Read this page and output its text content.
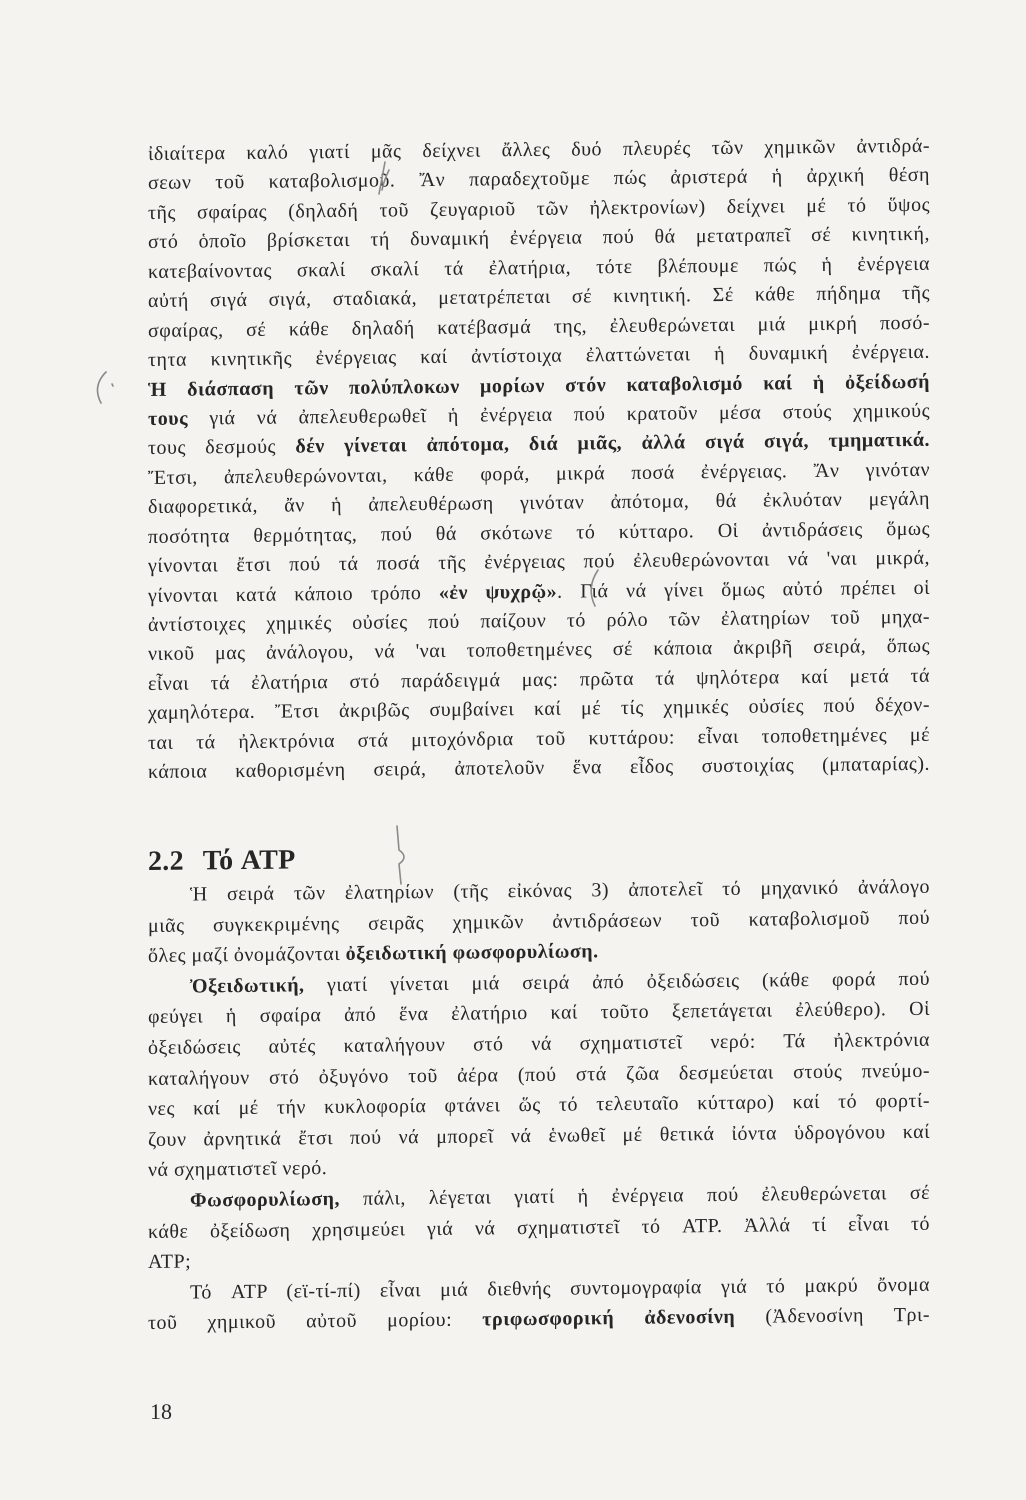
ἰδιαίτερα καλό γιατί μᾶς δείχνει ἄλλες δυό πλευρές τῶν χημικῶν ἀντιδρά-
σεων τοῦ καταβολισμοῦ. Ἄν παραδεχτοῦμε πώς ἀριστερά ἡ ἀρχική θέση
τῆς σφαίρας (δηλαδή τοῦ ζευγαριοῦ τῶν ἠλεκτρονίων) δείχνει μέ τό ὕψος
στό ὁποῖο βρίσκεται τή δυναμική ἐνέργεια πού θά μετατραπεῖ σέ κινητική,
κατεβαίνοντας σκαλί σκαλί τά ἐλατήρια, τότε βλέπουμε πώς ἡ ἐνέργεια
αὐτή σιγά σιγά, σταδιακά, μετατρέπεται σέ κινητική. Σέ κάθε πήδημα τῆς
σφαίρας, σέ κάθε δηλαδή κατέβασμά της, ἐλευθερώνεται μιά μικρή ποσό-
τητα κινητικῆς ἐνέργειας καί ἀντίστοιχα ἐλαττώνεται ἡ δυναμική ἐνέργεια.
Ἡ διάσπαση τῶν πολύπλοκων μορίων στόν καταβολισμό καί ἡ ὀξείδωσή
τους γιά νά ἀπελευθερωθεῖ ἡ ἐνέργεια πού κρατοῦν μέσα στούς χημικούς
τους δεσμούς δέν γίνεται ἀπότομα, διά μιᾶς, ἀλλά σιγά σιγά, τμηματικά.
Ἔτσι, ἀπελευθερώνονται, κάθε φορά, μικρά ποσά ἐνέργειας. Ἄν γινόταν
διαφορετικά, ἄν ἡ ἀπελευθέρωση γινόταν ἀπότομα, θά ἐκλυόταν μεγάλη
ποσότητα θερμότητας, πού θά σκότωνε τό κύτταρο. Οἱ ἀντιδράσεις ὅμως
γίνονται ἔτσι πού τά ποσά τῆς ἐνέργειας πού ἐλευθερώνονται νά 'ναι μικρά,
γίνονται κατά κάποιο τρόπο «ἐν ψυχρῷ». Γιά νά γίνει ὅμως αὐτό πρέπει οἱ
ἀντίστοιχες χημικές οὐσίες πού παίζουν τό ρόλο τῶν ἐλατηρίων τοῦ μηχα-
νικοῦ μας ἀνάλογου, νά 'ναι τοποθετημένες σέ κάποια ἀκριβῆ σειρά, ὅπως
εἶναι τά ἐλατήρια στό παράδειγμά μας: πρῶτα τά ψηλότερα καί μετά τά
χαμηλότερα. Ἔτσι ἀκριβῶς συμβαίνει καί μέ τίς χημικές οὐσίες πού δέχον-
ται τά ἠλεκτρόνια στά μιτοχόνδρια τοῦ κυττάρου: εἶναι τοποθετημένες μέ
κάποια καθορισμένη σειρά, ἀποτελοῦν ἕνα εἶδος συστοιχίας (μπαταρίας).
2.2 Τό ATP
Ἡ σειρά τῶν ἐλατηρίων (τῆς εἰκόνας 3) ἀποτελεῖ τό μηχανικό ἀνάλογο
μιᾶς συγκεκριμένης σειρᾶς χημικῶν ἀντιδράσεων τοῦ καταβολισμοῦ πού
ὅλες μαζί ὀνομάζονται ὀξειδωτική φωσφορυλίωση.
Ὀξειδωτική, γιατί γίνεται μιά σειρά ἀπό ὀξειδώσεις (κάθε φορά πού
φεύγει ἡ σφαίρα ἀπό ἕνα ἐλατήριο καί τοῦτο ξεπετάγεται ἐλεύθερο). Οἱ
ὀξειδώσεις αὐτές καταλήγουν στό νά σχηματιστεῖ νερό: Τά ἠλεκτρόνια
καταλήγουν στό ὀξυγόνο τοῦ ἀέρα (πού στά ζῶα δεσμεύεται στούς πνεύμο-
νες καί μέ τήν κυκλοφορία φτάνει ὥς τό τελευταῖο κύτταρο) καί τό φορτί-
ζουν ἀρνητικά ἔτσι πού νά μπορεῖ νά ἑνωθεῖ μέ θετικά ἰόντα ὑδρογόνου καί
νά σχηματιστεῖ νερό.
Φωσφορυλίωση, πάλι, λέγεται γιατί ἡ ἐνέργεια πού ἐλευθερώνεται σέ
κάθε ὀξείδωση χρησιμεύει γιά νά σχηματιστεῖ τό ATP. Ἀλλά τί εἶναι τό
ATP;
Τό ATP (εϊ-τί-πί) εἶναι μιά διεθνής συντομογραφία γιά τό μακρύ ὄνομα
τοῦ χημικοῦ αὐτοῦ μορίου: τριφωσφορική ἀδενοσίνη (Ἀδενοσίνη Τρι-
18
